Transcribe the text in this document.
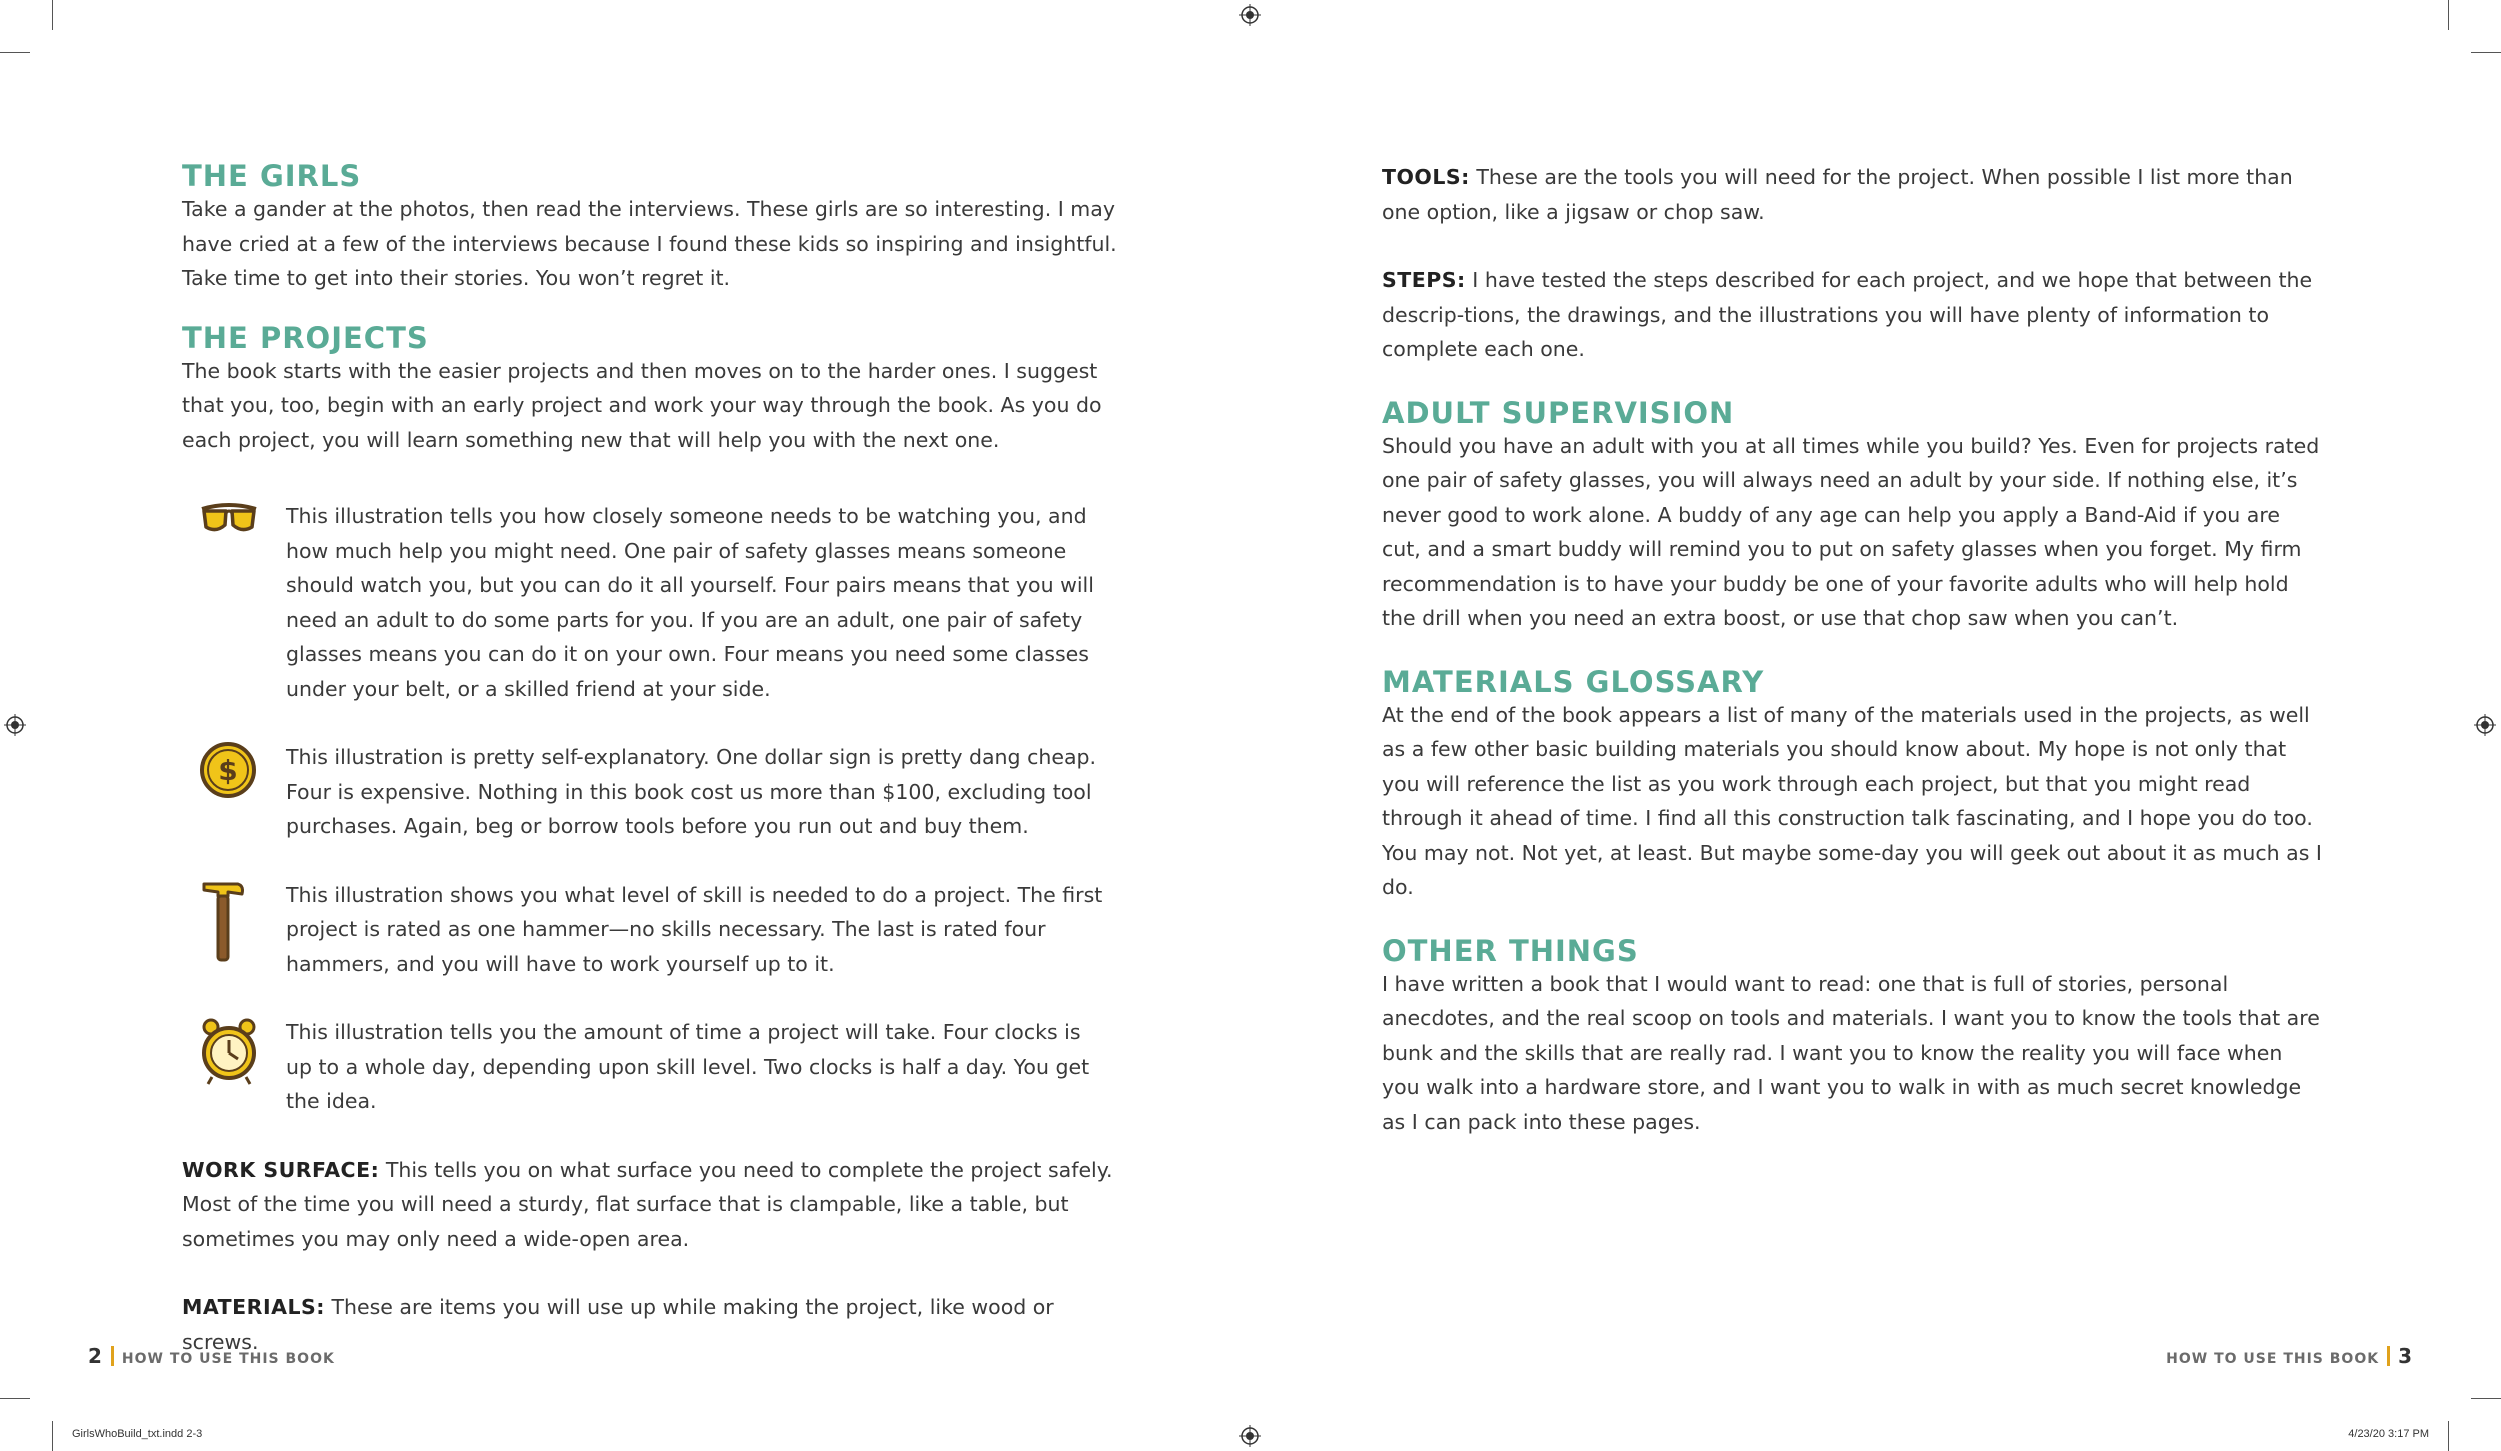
THE GIRLS

Take a gander at the photos, then read the interviews. These girls are so interesting. I may have cried at a few of the interviews because I found these kids so inspiring and insightful. Take time to get into their stories. You won’t regret it.

THE PROJECTS

The book starts with the easier projects and then moves on to the harder ones. I suggest that you, too, begin with an early project and work your way through the book. As you do each project, you will learn something new that will help you with the next one.

This illustration tells you how closely someone needs to be watching you, and how much help you might need. One pair of safety glasses means someone should watch you, but you can do it all yourself. Four pairs means that you will need an adult to do some parts for you. If you are an adult, one pair of safety glasses means you can do it on your own. Four means you need some classes under your belt, or a skilled friend at your side.

$ This illustration is pretty self-explanatory. One dollar sign is pretty dang cheap. Four is expensive. Nothing in this book cost us more than $100, excluding tool purchases. Again, beg or borrow tools before you run out and buy them.

This illustration shows you what level of skill is needed to do a project. The first project is rated as one hammer—no skills necessary. The last is rated four hammers, and you will have to work yourself up to it.

This illustration tells you the amount of time a project will take. Four clocks is up to a whole day, depending upon skill level. Two clocks is half a day. You get the idea.

WORK SURFACE: This tells you on what surface you need to complete the project safely. Most of the time you will need a sturdy, flat surface that is clampable, like a table, but sometimes you may only need a wide-open area.

MATERIALS: These are items you will use up while making the project, like wood or screws.

TOOLS: These are the tools you will need for the project. When possible I list more than one option, like a jigsaw or chop saw.

STEPS: I have tested the steps described for each project, and we hope that between the descrip-tions, the drawings, and the illustrations you will have plenty of information to complete each one.

ADULT SUPERVISION

Should you have an adult with you at all times while you build? Yes. Even for projects rated one pair of safety glasses, you will always need an adult by your side. If nothing else, it’s never good to work alone. A buddy of any age can help you apply a Band-Aid if you are cut, and a smart buddy will remind you to put on safety glasses when you forget. My firm recommendation is to have your buddy be one of your favorite adults who will help hold the drill when you need an extra boost, or use that chop saw when you can’t.

MATERIALS GLOSSARY

At the end of the book appears a list of many of the materials used in the projects, as well as a few other basic building materials you should know about. My hope is not only that you will reference the list as you work through each project, but that you might read through it ahead of time. I find all this construction talk fascinating, and I hope you do too. You may not. Not yet, at least. But maybe some-day you will geek out about it as much as I do.

OTHER THINGS

I have written a book that I would want to read: one that is full of stories, personal anecdotes, and the real scoop on tools and materials. I want you to know the tools that are bunk and the skills that are really rad. I want you to know the reality you will face when you walk into a hardware store, and I want you to walk in with as much secret knowledge as I can pack into these pages.

2 HOW TO USE THIS BOOK	HOW TO USE THIS BOOK 3
GirlsWhoBuild_txt.indd 2-3	4/23/20 3:17 PM
